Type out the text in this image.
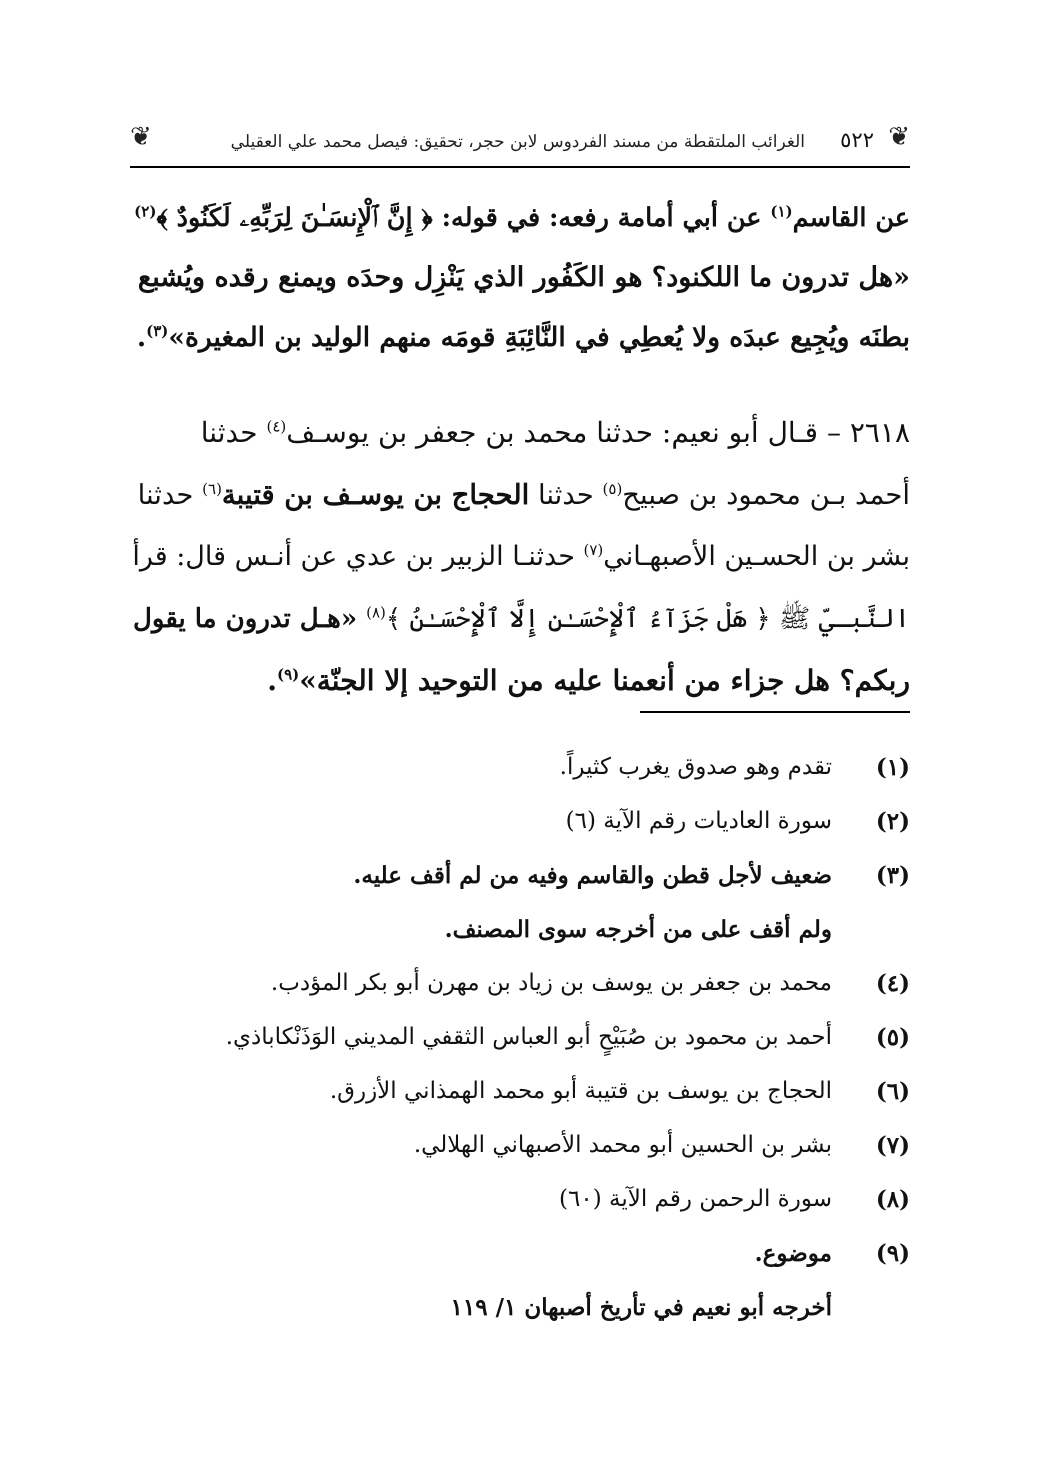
❦
٥٢٢
الغرائب الملتقطة من مسند الفردوس لابن حجر، تحقيق: فيصل محمد علي العقيلي
❦
عن القاسم$^{(١)}$ عن أبي أمامة رفعه: في قوله: ﴿ إِنَّ ٱلْإِنسَـٰنَ لِرَبِّهِۦ لَكَنُودٌ ﴾$^{(٢)}$
«هل تدرون ما اللكنود؟ هو الكَفُور الذي يَنْزِل وحدَه ويمنع رقده ويُشبع
بطنَه ويُجِيع عبدَه ولا يُعطِي في النَّائِبَةِ قومَه منهم الوليد بن المغيرة»$^{(٣)}$.
٢٦١٨ – قـال أبو نعيم: حدثنا محمد بن جعفر بن يوسـف$^{(٤)}$ حدثنا
أحمد بـن محمود بن صبيح$^{(٥)}$ حدثنا الحجاج بن يوسـف بن قتيبة$^{(٦)}$ حدثنا
بشر بن الحسـين الأصبهـاني$^{(٧)}$ حدثنـا الزبير بن عدي عن أنـس قال: قرأ
النَّبـيّ ﷺ ﴿ هَلْ جَزَآءُ ٱلْإِحْسَـٰنِ إِلَّا ٱلْإِحْسَـٰنُ ﴾$^{(٨)}$ «هـل تدرون ما يقول
ربكم؟ هل جزاء من أنعمنا عليه من التوحيد إلا الجنّة»$^{(٩)}$.
(١)
تقدم وهو صدوق يغرب كثيراً.
(٢)
سورة العاديات رقم الآية (٦)
(٣)
ضعيف لأجل قطن والقاسم وفيه من لم أقف عليه.
ولم أقف على من أخرجه سوى المصنف.
(٤)
محمد بن جعفر بن يوسف بن زياد بن مهرن أبو بكر المؤدب.
(٥)
أحمد بن محمود بن صُبَيْحٍ أبو العباس الثقفي المديني الوَذَنْكاباذي.
(٦)
الحجاج بن يوسف بن قتيبة أبو محمد الهمذاني الأزرق.
(٧)
بشر بن الحسين أبو محمد الأصبهاني الهلالي.
(٨)
سورة الرحمن رقم الآية (٦٠)
(٩)
موضوع.
أخرجه أبو نعيم في تأريخ أصبهان ١/ ١١٩
